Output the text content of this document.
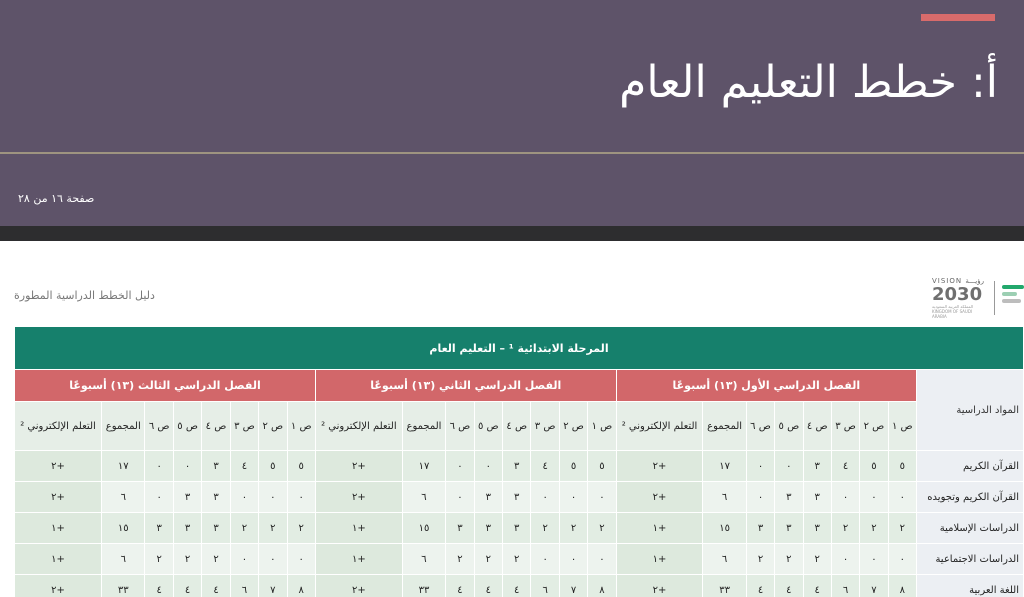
أ: خطط التعليم العام
صفحة ١٦ من ٢٨
دليل الخطط الدراسية المطورة
VISION رؤيـــة
2030
المملكة العربية السعودية KINGDOM OF SAUDI ARABIA
المرحلة الابتدائية ¹ – التعليم العام																								
المواد الدراسية	الفصل الدراسي الأول (١٣) أسبوعًا								الفصل الدراسي الثاني (١٣) أسبوعًا								الفصل الدراسي الثالث (١٣) أسبوعًا							
	ص ١	ص ٢	ص ٣	ص ٤	ص ٥	ص ٦	المجموع	التعلم الإلكتروني ²	ص ١	ص ٢	ص ٣	ص ٤	ص ٥	ص ٦	المجموع	التعلم الإلكتروني ²	ص ١	ص ٢	ص ٣	ص ٤	ص ٥	ص ٦	المجموع	التعلم الإلكتروني ²
القرآن الكريم	٥	٥	٤	٣	٠	٠	١٧	+٢	٥	٥	٤	٣	٠	٠	١٧	+٢	٥	٥	٤	٣	٠	٠	١٧	+٢
القرآن الكريم وتجويده	٠	٠	٠	٣	٣	٠	٦	+٢	٠	٠	٠	٣	٣	٠	٦	+٢	٠	٠	٠	٣	٣	٠	٦	+٢
الدراسات الإسلامية	٢	٢	٢	٣	٣	٣	١٥	+١	٢	٢	٢	٣	٣	٣	١٥	+١	٢	٢	٢	٣	٣	٣	١٥	+١
الدراسات الاجتماعية	٠	٠	٠	٢	٢	٢	٦	+١	٠	٠	٠	٢	٢	٢	٦	+١	٠	٠	٠	٢	٢	٢	٦	+١
اللغة العربية	٨	٧	٦	٤	٤	٤	٣٣	+٢	٨	٧	٦	٤	٤	٤	٣٣	+٢	٨	٧	٦	٤	٤	٤	٣٣	+٢
